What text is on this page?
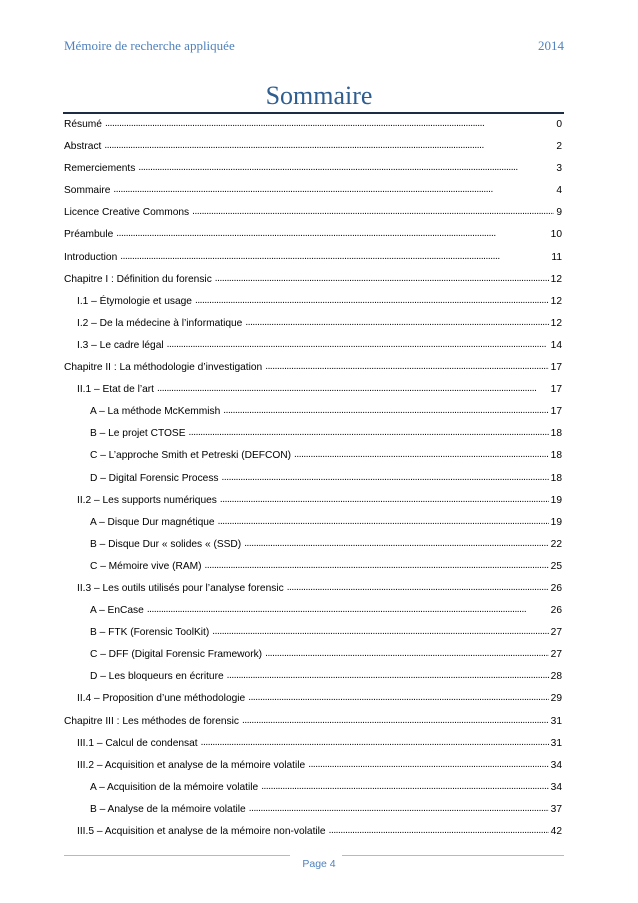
Mémoire de recherche appliquée	2014
Sommaire
Résumé . . .	0
Abstract . . .	2
Remerciements . . .	3
Sommaire . . .	4
Licence Creative Commons . . .	9
Préambule . . .	10
Introduction . . .	11
Chapitre I : Définition du forensic . . .	12
I.1 – Étymologie et usage . . .	12
I.2 – De la médecine à l’informatique . . .	12
I.3 – Le cadre légal . . .	14
Chapitre II : La méthodologie d’investigation . . .	17
II.1 – Etat de l’art . . .	17
A – La méthode McKemmish . . .	17
B – Le projet CTOSE . . .	18
C – L’approche Smith et Petreski (DEFCON) . . .	18
D – Digital Forensic Process . . .	18
II.2 – Les supports numériques . . .	19
A – Disque Dur magnétique . . .	19
B – Disque Dur « solides « (SSD) . . .	22
C – Mémoire vive (RAM) . . .	25
II.3 – Les outils utilisés pour l’analyse forensic . . .	26
A – EnCase . . .	26
B – FTK (Forensic ToolKit) . . .	27
C – DFF (Digital Forensic Framework) . . .	27
D – Les bloqueurs en écriture . . .	28
II.4 – Proposition d’une méthodologie . . .	29
Chapitre III : Les méthodes de forensic . . .	31
III.1 – Calcul de condensat . . .	31
III.2 – Acquisition et analyse de la mémoire volatile . . .	34
A – Acquisition de la mémoire volatile . . .	34
B – Analyse de la mémoire volatile . . .	37
III.5 – Acquisition et analyse de la mémoire non-volatile . . .	42
Page 4
